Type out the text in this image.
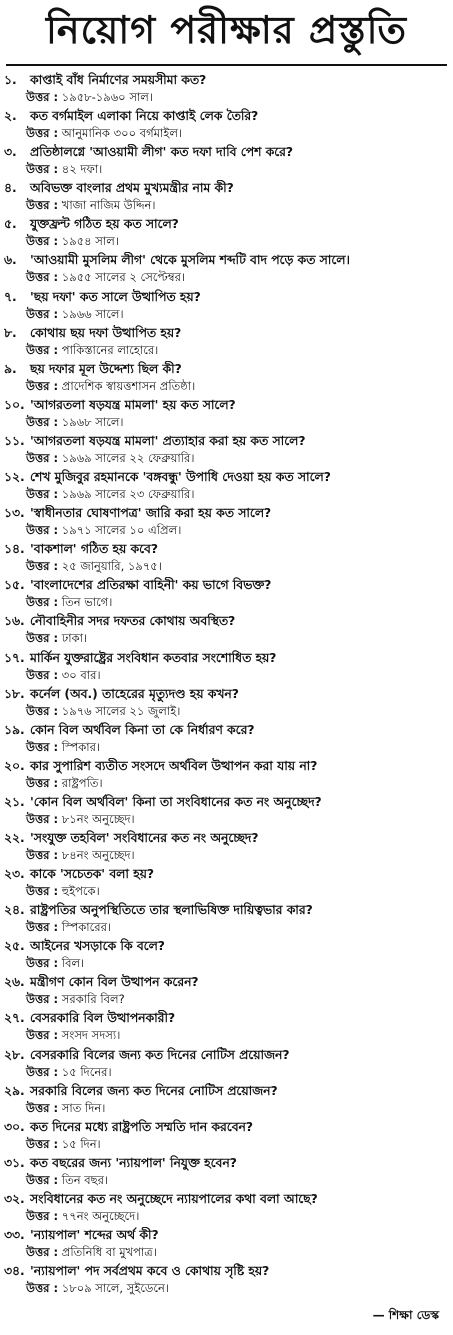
নিয়োগ পরীক্ষার প্রস্তুতি
১. কাপ্তাই বাঁধ নির্মাণের সময়সীমা কত?
উত্তর : ১৯৫৮-১৯৬০ সাল।
২. কত বর্গমাইল এলাকা নিয়ে কাপ্তাই লেক তৈরি?
উত্তর : আনুমানিক ৩০০ বর্গমাইল।
৩. প্রতিষ্ঠালগ্নে 'আওয়ামী লীগ' কত দফা দাবি পেশ করে?
উত্তর : ৪২ দফা।
৪. অবিভক্ত বাংলার প্রথম মুখ্যমন্ত্রীর নাম কী?
উত্তর : খাজা নাজিম উদ্দিন।
৫. যুক্তফ্রন্ট গঠিত হয় কত সালে?
উত্তর : ১৯৫৪ সাল।
৬. 'আওয়ামী মুসলিম লীগ' থেকে মুসলিম শব্দটি বাদ পড়ে কত সালে।
উত্তর : ১৯৫৫ সালের ২ সেপ্টেম্বর।
৭. 'ছয় দফা' কত সালে উত্থাপিত হয়?
উত্তর : ১৯৬৬ সালে।
৮. কোথায় ছয় দফা উত্থাপিত হয়?
উত্তর : পাকিস্তানের লাহোরে।
৯. ছয় দফার মূল উদ্দেশ্য ছিল কী?
উত্তর : প্রাদেশিক স্বায়ত্তশাসন প্রতিষ্ঠা।
১০. 'আগরতলা ষড়যন্ত্র মামলা' হয় কত সালে?
উত্তর : ১৯৬৮ সালে।
১১. 'আগরতলা ষড়যন্ত্র মামলা' প্রত্যাহার করা হয় কত সালে?
উত্তর : ১৯৬৯ সালের ২২ ফেব্রুয়ারি।
১২. শেখ মুজিবুর রহমানকে 'বঙ্গবন্ধু' উপাধি দেওয়া হয় কত সালে?
উত্তর : ১৯৬৯ সালের ২৩ ফেব্রুয়ারি।
১৩. 'স্বাধীনতার ঘোষণাপত্র' জারি করা হয় কত সালে?
উত্তর : ১৯৭১ সালের ১০ এপ্রিল।
১৪. 'বাকশাল' গঠিত হয় কবে?
উত্তর : ২৫ জানুয়ারি, ১৯৭৫।
১৫. 'বাংলাদেশের প্রতিরক্ষা বাহিনী' কয় ভাগে বিভক্ত?
উত্তর : তিন ভাগে।
১৬. নৌবাহিনীর সদর দফতর কোথায় অবস্থিত?
উত্তর : ঢাকা।
১৭. মার্কিন যুক্তরাষ্ট্রের সংবিধান কতবার সংশোধিত হয়?
উত্তর : ৩০ বার।
১৮. কর্নেল (অব.) তাহেরের মৃত্যুদণ্ড হয় কখন?
উত্তর : ১৯৭৬ সালের ২১ জুলাই।
১৯. কোন বিল অর্থবিল কিনা তা কে নির্ধারণ করে?
উত্তর : স্পিকার।
২০. কার সুপারিশ ব্যতীত সংসদে অর্থবিল উত্থাপন করা যায় না?
উত্তর : রাষ্ট্রপতি।
২১. 'কোন বিল অর্থবিল' কিনা তা সংবিধানের কত নং অনুচ্ছেদ?
উত্তর : ৮১নং অনুচ্ছেদ।
২২. 'সংযুক্ত তহবিল' সংবিধানের কত নং অনুচ্ছেদ?
উত্তর : ৮৪নং অনুচ্ছেদ।
২৩. কাকে 'সচেতক' বলা হয়?
উত্তর : হুইপকে।
২৪. রাষ্ট্রপতির অনুপস্থিতিতে তার স্থলাভিষিক্ত দায়িত্বভার কার?
উত্তর : স্পিকারের।
২৫. আইনের খসড়াকে কি বলে?
উত্তর : বিল।
২৬. মন্ত্রীগণ কোন বিল উত্থাপন করেন?
উত্তর : সরকারি বিল?
২৭. বেসরকারি বিল উত্থাপনকারী?
উত্তর : সংসদ সদস্য।
২৮. বেসরকারি বিলের জন্য কত দিনের নোটিস প্রয়োজন?
উত্তর : ১৫ দিনের।
২৯. সরকারি বিলের জন্য কত দিনের নোটিস প্রয়োজন?
উত্তর : সাত দিন।
৩০. কত দিনের মধ্যে রাষ্ট্রপতি সম্মতি দান করবেন?
উত্তর : ১৫ দিন।
৩১. কত বছরের জন্য 'ন্যায়পাল' নিযুক্ত হবেন?
উত্তর : তিন বছর।
৩২. সংবিধানের কত নং অনুচ্ছেদে ন্যায়পালের কথা বলা আছে?
উত্তর : ৭৭নং অনুচ্ছেদে।
৩৩. 'ন্যায়পাল' শব্দের অর্থ কী?
উত্তর : প্রতিনিধি বা মুখপাত্র।
৩৪. 'ন্যায়পাল' পদ সর্বপ্রথম কবে ও কোথায় সৃষ্টি হয়?
উত্তর : ১৮০৯ সালে, সুইডেনে।
— শিক্ষা ডেস্ক
